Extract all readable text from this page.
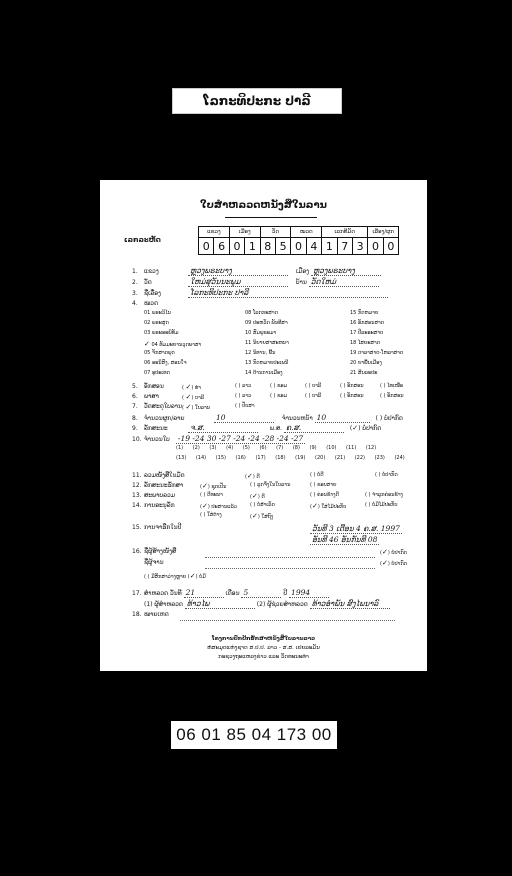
ໂລກະທິປະກະ ປາລີ
ໃບສຳຫລວດຫນັງສືໃນລານ
ເລກລະຫັດ
ແຂວງ		ເມືອງ		ວັດ		ໝວດ		ເລກທີມັດ			ເລືອງ/ຜູກ	
0	6	0	1	8	5	0	4	1	7	3	0	0
1. ແຂວງ	ຫຼວງພຣະບາງ	ເມືອງ ຫຼວງພຣະບາງ
2. ວັດ	ໃຫມ່ສຸວັນນະພູມ	ບ້ານ ວັດໃຫມ່
3. ຊື່ເລື່ອງ	ໂລກະທິປະກະ ປາລີ
4. ໝວດ
01 ພຣະວິໄນ
02 ພຣະສູດ
03 ພຣະອະພິທັມ
✓ 04 ທັມມະຍານວຸດພາສາ
05 ຈັກສາດພຸດ
06 ອະນິສົງ, ສອນໃຈ
07 ອຸປະເທດ
08 ໂລກກະສາດ
09 ປະຫວັດ ພັນທີສາ
10 ສົມພູຂະມາ
11 ນິຍາຍສາສະຫນາ
12 ນິທານ, ພື້ນ
13 ກົດຫມາຍປະເພນີ
14 ດ້ານການເມືອງ
15 ກົດຫມາຍ
16 ອັກສອນສາດ
17 ປືລະອະສາດ
18 ໄສຍະສາດ
19 ດາລາສາດ-ໂຫລາສາດ
20 ຍາພື້ນເມືອງ
21 ສິນລະປະ
5. ອັກສອນ	( ✓) ທຳ	( ) ລາວ	( ) ຂອມ	( ) ບາລີ	( ) ອັກສອນ	( ) ໄທເໜືອ
6. ພາສາ	( ✓) ບາລີ	( ) ລາວ	( ) ຂອມ	( ) ບາລີ	( ) ອັກສອນ	( ) ອັກສອນ
7. ວັດສະດຸໃບລານ ( ✓) ໃບລານ	( ) ປັບສາ
8. ຈຳນວນຜູກ/ລາຍ	10	ຈຳນວນຫນ້າ 10	( ) ບໍ່ປາກົດ
9. ລັກສະນະ	ຈ.ສ.	ພ.ສ. ຄ.ສ.	(✓) ບໍ່ປາກົດ
10. ຈຳນວນໃບ -19 -24 30 -27 -24 -24 -28 -24 -27
(1) (2) (3) (4) (5) (6) (7) (8) (9) (10) (11) (12)
(13) (14) (15) (16) (17) (18) (19) (20) (21) (22) (23) (24)
11. ລວມໜັງສືໃນມັດ	(✓) ດີ	( ) ບໍ່ດີ	( ) ບໍ່ປາກົດ
12. ລັກສະນະຮັກສາ	(✓) ຊຸດເປັນ	( ) ລູກຈຶ່ງໃນໃບລານ	( ) ຂອບສາຍ
13. ສະພາບລວມ	( ) ດີທະນາ	(✓) ດີ	( ) ຄ່ອນຂ້າງດີ	( ) ຈຳລູກຄ່ອນຂ້າງ
14. ການອະນຸລັກ	(✓) ປະສານແລ້ວ	( ) ບໍ່ສຳເລັດ	(✓) ໃສ່ໄມ້ປະກັບ
( ) ໃສ່ຕໍາງ	(✓) ໃສ່ຖົງ
( ) ບໍ່ມີໄມ້ປະກັບ
15. ການຈາຮືກໃນປີ	ວັນທີ 3 ເດືອນ 4 ຄ.ສ. 1997
ອັນທີ 46 ອັນກັນທີ 08
16. ຊື່ຜູ້ສ້າງໜັງສື	(✓) ບໍ່ປາກົດ
ຊື່ຜູ້ຈານ	(✓) ບໍ່ປາກົດ
( ) ມີສັກສາວ່າງຫຼາຍ (✓) ບໍ່ມີ
17. ສຳຫລວດ ວັນທີ 21	ເດືອນ 5	ປີ 1994
(1) ຜູ້ສຳຫລວດ ທ້າວໄພ	(2) ຜູ້ຊ່ວຍສຳຫລວດ ທ້າວອຳພັນ ສົງໄພນາລົ
18. ໝາຍເຫດ
ໂຄງການປົກປັກຮັກສາຫນັງສືໃບລານລາວ
ຫໍສະມຸດແຫ່ງຊາດ ສ.ປ.ປ. ລາວ - ສ.ສ. ເຢຍລະມັນ
ກະຊວງຖະແຫລງຂ່າວ ແລະ ວັດທະນະທຳ
06 01 85 04 173 00
